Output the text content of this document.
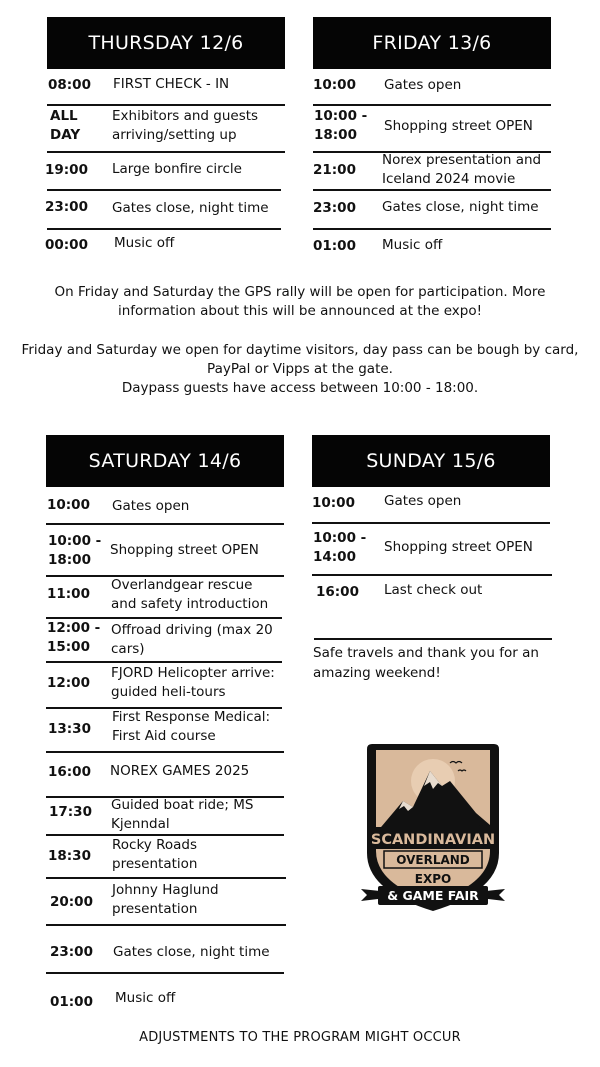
THURSDAY 12/6
08:00 FIRST CHECK - IN
ALL
DAY
Exhibitors and guests
arriving/setting up
19:00 Large bonfire circle
23:00 Gates close, night time
00:00 Music off
FRIDAY 13/6
10:00 Gates open
10:00 -
18:00
Shopping street OPEN
21:00
Norex presentation and
Iceland 2024 movie
23:00 Gates close, night time
01:00 Music off
On Friday and Saturday the GPS rally will be open for participation. More
information about this will be announced at the expo!
Friday and Saturday we open for daytime visitors, day pass can be bough by card,
PayPal or Vipps at the gate.
Daypass guests have access between 10:00 - 18:00.
SATURDAY 14/6
10:00 Gates open
10:00 -
18:00
Shopping street OPEN
11:00
Overlandgear rescue
and safety introduction
12:00 -
15:00
Offroad driving (max 20
cars)
12:00
FJORD Helicopter arrive:
guided heli-tours
13:30
First Response Medical:
First Aid course
16:00 NOREX GAMES 2025
17:30 Guided boat ride; MS
Kjenndal
18:30
Rocky Roads
presentation
20:00
Johnny Haglund
presentation
23:00 Gates close, night time
01:00 Music off
SUNDAY 15/6
10:00 Gates open
10:00 -
14:00
Shopping street OPEN
16:00 Last check out
Safe travels and thank you for an
amazing weekend!
SCANDINAVIAN
OVERLAND
EXPO
& GAME FAIR
ADJUSTMENTS TO THE PROGRAM MIGHT OCCUR
